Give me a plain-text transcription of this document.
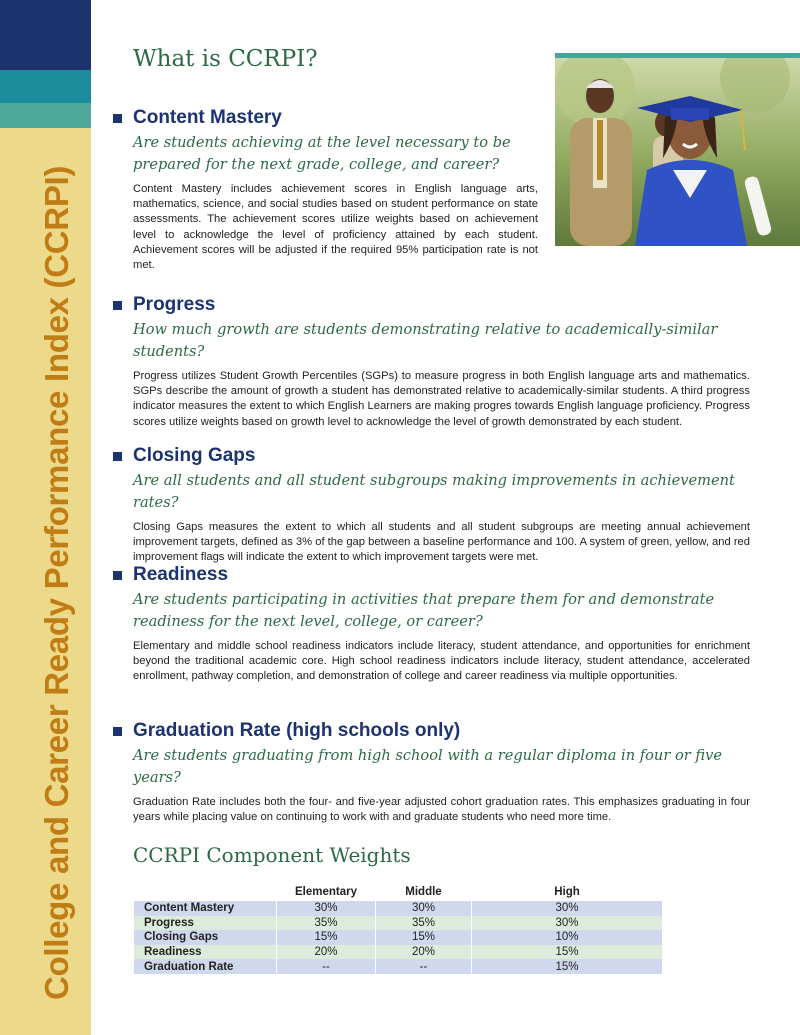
College and Career Ready Performance Index (CCRPI)
What is CCRPI?
Content Mastery
Are students achieving at the level necessary to be prepared for the next grade, college, and career?
Content Mastery includes achievement scores in English language arts, mathematics, science, and social studies based on student performance on state assessments. The achievement scores utilize weights based on achievement level to acknowledge the level of proficiency attained by each student. Achievement scores will be adjusted if the required 95% participation rate is not met.
Progress
How much growth are students demonstrating relative to academically-similar students?
Progress utilizes Student Growth Percentiles (SGPs) to measure progress in both English language arts and mathematics. SGPs describe the amount of growth a student has demonstrated relative to academically-similar students. A third progress indicator measures the extent to which English Learners are making progres towards English language proficiency. Progress scores utilize weights based on growth level to acknowledge the level of growth demonstrated by each student.
Closing Gaps
Are all students and all student subgroups making improvements in achievement rates?
Closing Gaps measures the extent to which all students and all student subgroups are meeting annual achievement improvement targets, defined as 3% of the gap between a baseline performance and 100. A system of green, yellow, and red improvement flags will indicate the extent to which improvement targets were met.
Readiness
Are students participating in activities that prepare them for and demonstrate readiness for the next level, college, or career?
Elementary and middle school readiness indicators include literacy, student attendance, and opportunities for enrichment beyond the traditional academic core. High school readiness indicators include literacy, student attendance, accelerated enrollment, pathway completion, and demonstration of college and career readiness via multiple opportunities.
Graduation Rate (high schools only)
Are students graduating from high school with a regular diploma in four or five years?
Graduation Rate includes both the four- and five-year adjusted cohort graduation rates. This emphasizes graduating in four years while placing value on continuing to work with and graduate students who need more time.
CCRPI Component Weights
	Elementary	Middle	High
Content Mastery	30%	30%	30%
Progress	35%	35%	30%
Closing Gaps	15%	15%	10%
Readiness	20%	20%	15%
Graduation Rate	--	--	15%
